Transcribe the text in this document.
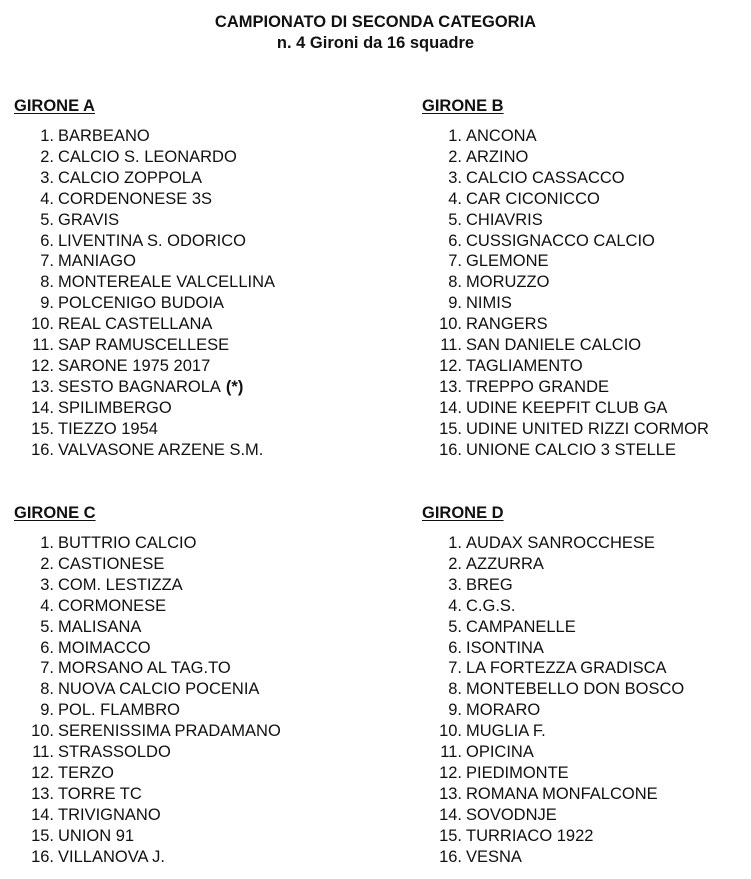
CAMPIONATO DI SECONDA CATEGORIA
n. 4 Gironi da 16 squadre
GIRONE A
1. BARBEANO
2. CALCIO S. LEONARDO
3. CALCIO ZOPPOLA
4. CORDENONESE 3S
5. GRAVIS
6. LIVENTINA S. ODORICO
7. MANIAGO
8. MONTEREALE VALCELLINA
9. POLCENIGO BUDOIA
10. REAL CASTELLANA
11. SAP RAMUSCELLESE
12. SARONE 1975 2017
13. SESTO BAGNAROLA (*)
14. SPILIMBERGO
15. TIEZZO 1954
16. VALVASONE ARZENE S.M.
GIRONE B
1. ANCONA
2. ARZINO
3. CALCIO CASSACCO
4. CAR CICONICCO
5. CHIAVRIS
6. CUSSIGNACCO CALCIO
7. GLEMONE
8. MORUZZO
9. NIMIS
10. RANGERS
11. SAN DANIELE CALCIO
12. TAGLIAMENTO
13. TREPPO GRANDE
14. UDINE KEEPFIT CLUB GA
15. UDINE UNITED RIZZI CORMOR
16. UNIONE CALCIO 3 STELLE
GIRONE C
1. BUTTRIO CALCIO
2. CASTIONESE
3. COM. LESTIZZA
4. CORMONESE
5. MALISANA
6. MOIMACCO
7. MORSANO AL TAG.TO
8. NUOVA CALCIO POCENIA
9. POL. FLAMBRO
10. SERENISSIMA PRADAMANO
11. STRASSOLDO
12. TERZO
13. TORRE TC
14. TRIVIGNANO
15. UNION 91
16. VILLANOVA J.
GIRONE D
1. AUDAX SANROCCHESE
2. AZZURRA
3. BREG
4. C.G.S.
5. CAMPANELLE
6. ISONTINA
7. LA FORTEZZA GRADISCA
8. MONTEBELLO DON BOSCO
9. MORARO
10. MUGLIA F.
11. OPICINA
12. PIEDIMONTE
13. ROMANA MONFALCONE
14. SOVODNJE
15. TURRIACO 1922
16. VESNA
